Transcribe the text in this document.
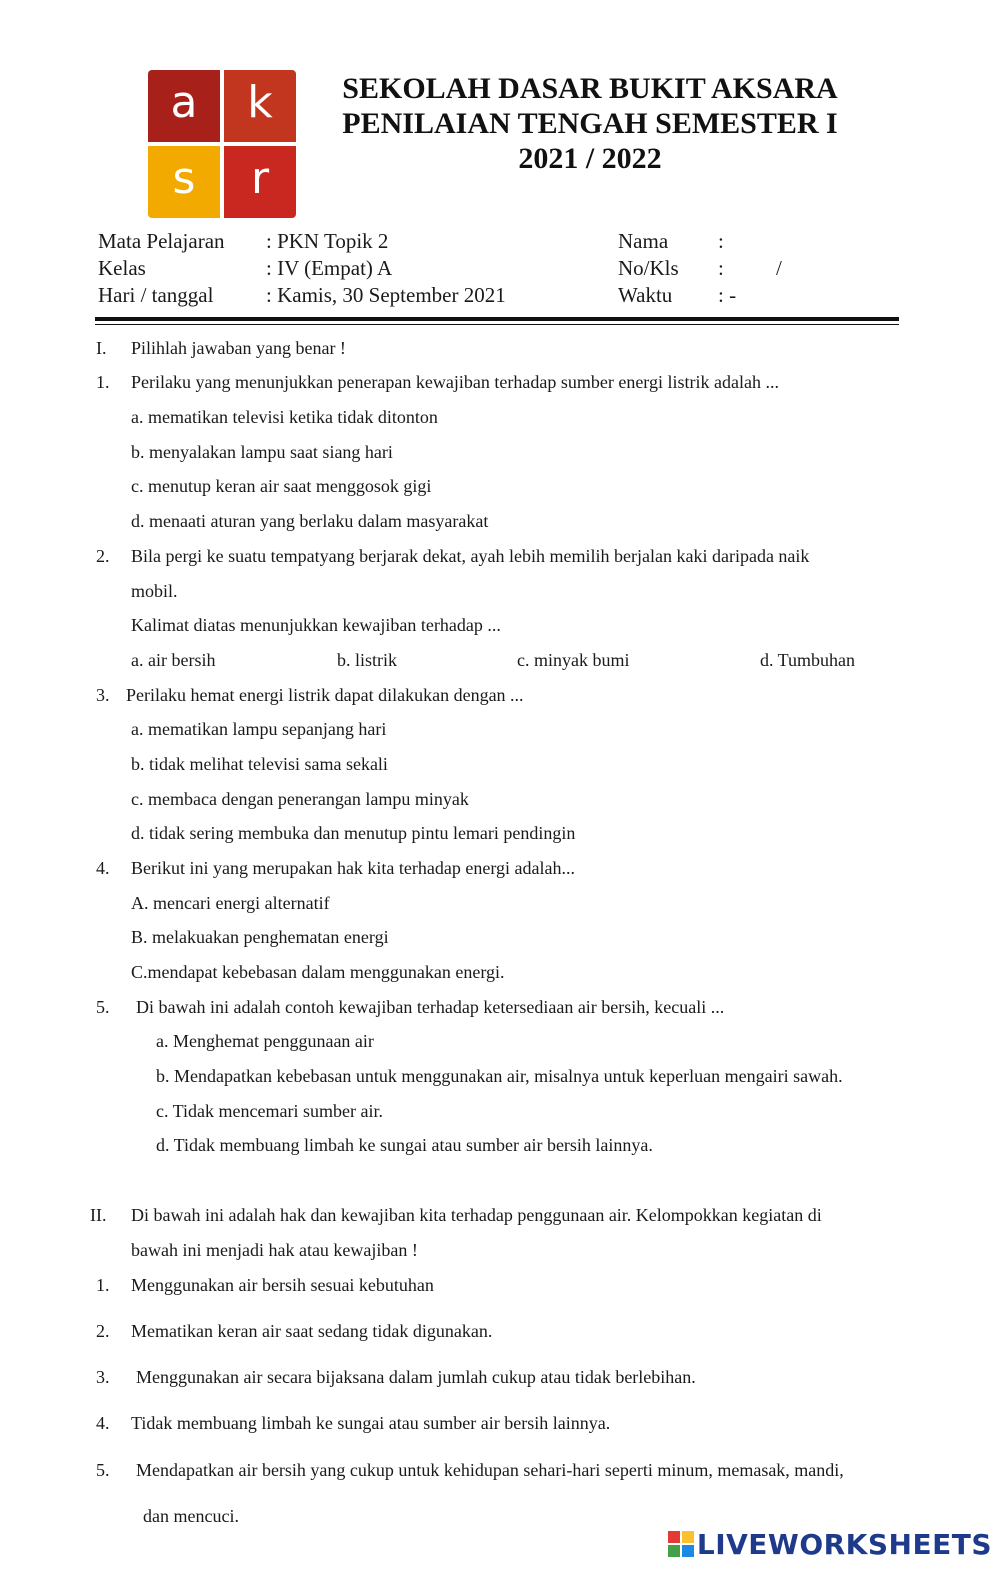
a	k
s	r
SEKOLAH DASAR BUKIT AKSARA
PENILAIAN TENGAH SEMESTER I
2021 / 2022
Mata Pelajaran : PKN Topik 2
Kelas	: IV (Empat) A
Hari / tanggal	: Kamis, 30 September 2021
Nama :
No/Kls : /
Waktu : -
I. Pilihlah jawaban yang benar !
1. Perilaku yang menunjukkan penerapan kewajiban terhadap sumber energi listrik adalah ...
a. mematikan televisi ketika tidak ditonton
b. menyalakan lampu saat siang hari
c. menutup keran air saat menggosok gigi
d. menaati aturan yang berlaku dalam masyarakat
2. Bila pergi ke suatu tempatyang berjarak dekat, ayah lebih memilih berjalan kaki daripada naik
mobil.
Kalimat diatas menunjukkan kewajiban terhadap ...
a. air bersih	b. listrik	c. minyak bumi	d. Tumbuhan
3. Perilaku hemat energi listrik dapat dilakukan dengan ...
a. mematikan lampu sepanjang hari
b. tidak melihat televisi sama sekali
c. membaca dengan penerangan lampu minyak
d. tidak sering membuka dan menutup pintu lemari pendingin
4. Berikut ini yang merupakan hak kita terhadap energi adalah...
A. mencari energi alternatif
B. melakuakan penghematan energi
C.mendapat kebebasan dalam menggunakan energi.
5. Di bawah ini adalah contoh kewajiban terhadap ketersediaan air bersih, kecuali ...
a. Menghemat penggunaan air
b. Mendapatkan kebebasan untuk menggunakan air, misalnya untuk keperluan mengairi sawah.
c. Tidak mencemari sumber air.
d. Tidak membuang limbah ke sungai atau sumber air bersih lainnya.
II. Di bawah ini adalah hak dan kewajiban kita terhadap penggunaan air. Kelompokkan kegiatan di
bawah ini menjadi hak atau kewajiban !
1. Menggunakan air bersih sesuai kebutuhan
2. Mematikan keran air saat sedang tidak digunakan.
3. Menggunakan air secara bijaksana dalam jumlah cukup atau tidak berlebihan.
4. Tidak membuang limbah ke sungai atau sumber air bersih lainnya.
5. Mendapatkan air bersih yang cukup untuk kehidupan sehari-hari seperti minum, memasak, mandi,
dan mencuci.
LIVEWORKSHEETS
